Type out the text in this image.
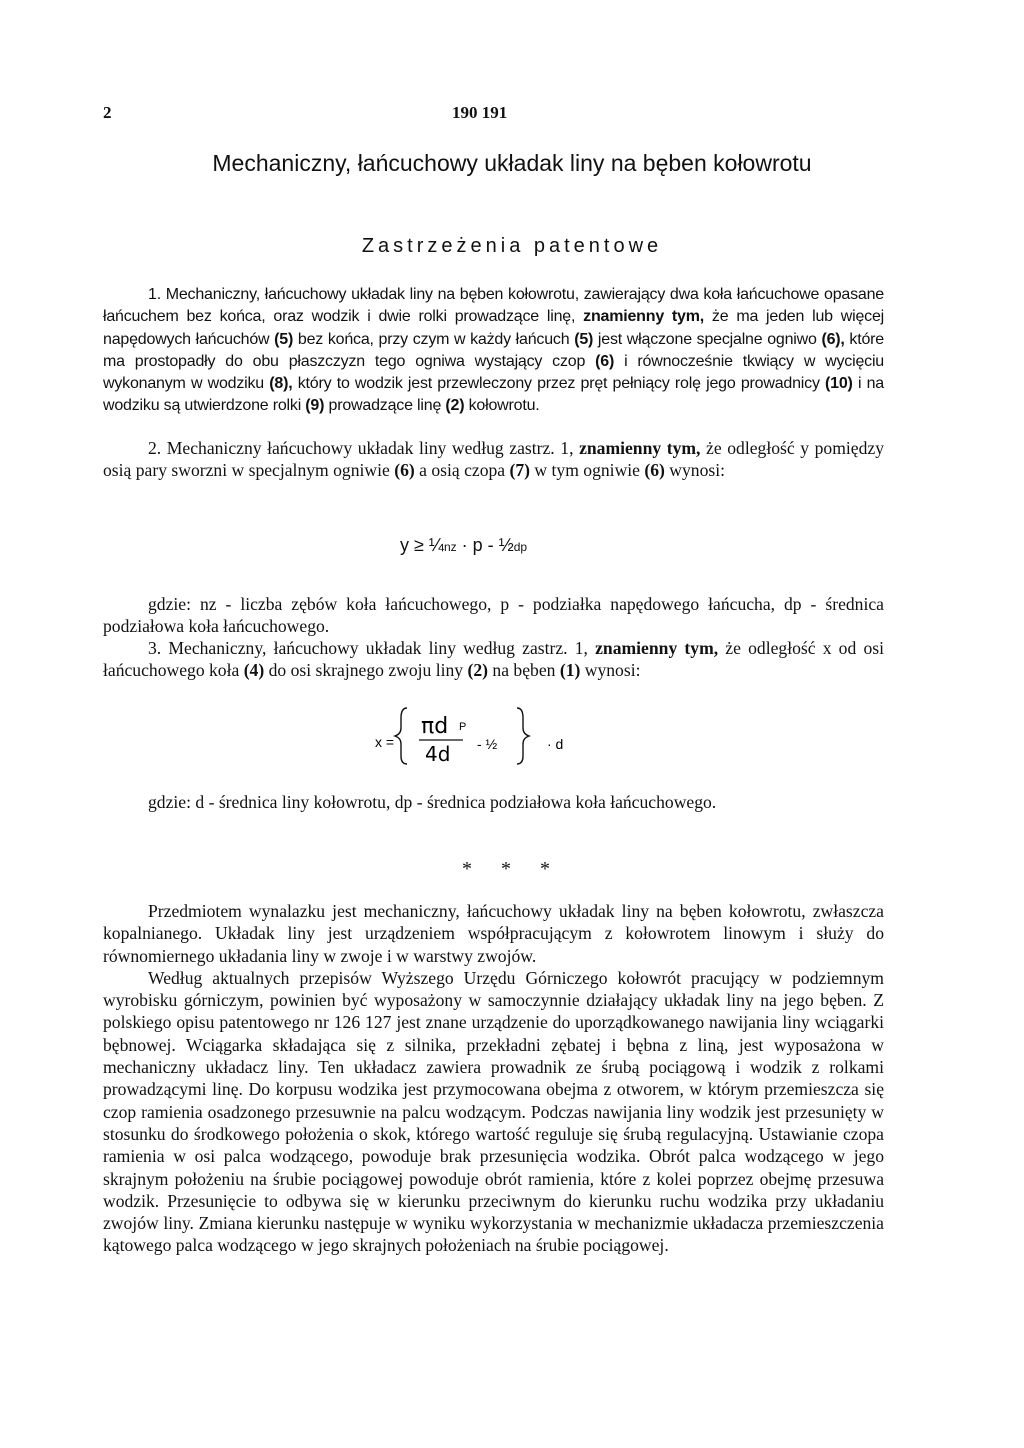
2	190 191
Mechaniczny, łańcuchowy układak liny na bęben kołowrotu
Zastrzeżenia patentowe

1. Mechaniczny, łańcuchowy układak liny na bęben kołowrotu, zawierający dwa koła łańcuchowe opasane łańcuchem bez końca, oraz wodzik i dwie rolki prowadzące linę, znamienny tym, że ma jeden lub więcej napędowych łańcuchów (5) bez końca, przy czym w każdy łańcuch (5) jest włączone specjalne ogniwo (6), które ma prostopadły do obu płaszczyzn tego ogniwa wystający czop (6) i równocześnie tkwiący w wycięciu wykonanym w wodziku (8), który to wodzik jest przewleczony przez pręt pełniący rolę jego prowadnicy (10) i na wodziku są utwierdzone rolki (9) prowadzące linę (2) kołowrotu.

2. Mechaniczny łańcuchowy układak liny według zastrz. 1, znamienny tym, że odległość y pomiędzy osią pary sworzni w specjalnym ogniwie (6) a osią czopa (7) w tym ogniwie (6) wynosi:

y ≥ ¼nz · p - ½dp

gdzie: nz - liczba zębów koła łańcuchowego, p - podziałka napędowego łańcucha, dp - średnica podziałowa koła łańcuchowego.

3. Mechaniczny, łańcuchowy układak liny według zastrz. 1, znamienny tym, że odległość x od osi łańcuchowego koła (4) do osi skrajnego zwoju liny (2) na bęben (1) wynosi:

x =
πd P
4d - ½	· d

gdzie: d - średnica liny kołowrotu, dp - średnica podziałowa koła łańcuchowego.

* * *

Przedmiotem wynalazku jest mechaniczny, łańcuchowy układak liny na bęben kołowrotu, zwłaszcza kopalnianego. Układak liny jest urządzeniem współpracującym z kołowrotem linowym i służy do równomiernego układania liny w zwoje i w warstwy zwojów.

Według aktualnych przepisów Wyższego Urzędu Górniczego kołowrót pracujący w podziemnym wyrobisku górniczym, powinien być wyposażony w samoczynnie działający układak liny na jego bęben. Z polskiego opisu patentowego nr 126 127 jest znane urządzenie do uporządkowanego nawijania liny wciągarki bębnowej. Wciągarka składająca się z silnika, przekładni zębatej i bębna z liną, jest wyposażona w mechaniczny układacz liny. Ten układacz zawiera prowadnik ze śrubą pociągową i wodzik z rolkami prowadzącymi linę. Do korpusu wodzika jest przymocowana obejma z otworem, w którym przemieszcza się czop ramienia osadzonego przesuwnie na palcu wodzącym. Podczas nawijania liny wodzik jest przesunięty w stosunku do środkowego położenia o skok, którego wartość reguluje się śrubą regulacyjną. Ustawianie czopa ramienia w osi palca wodzącego, powoduje brak przesunięcia wodzika. Obrót palca wodzącego w jego skrajnym położeniu na śrubie pociągowej powoduje obrót ramienia, które z kolei poprzez obejmę przesuwa wodzik. Przesunięcie to odbywa się w kierunku przeciwnym do kierunku ruchu wodzika przy układaniu zwojów liny. Zmiana kierunku następuje w wyniku wykorzystania w mechanizmie układacza przemieszczenia kątowego palca wodzącego w jego skrajnych położeniach na śrubie pociągowej.
